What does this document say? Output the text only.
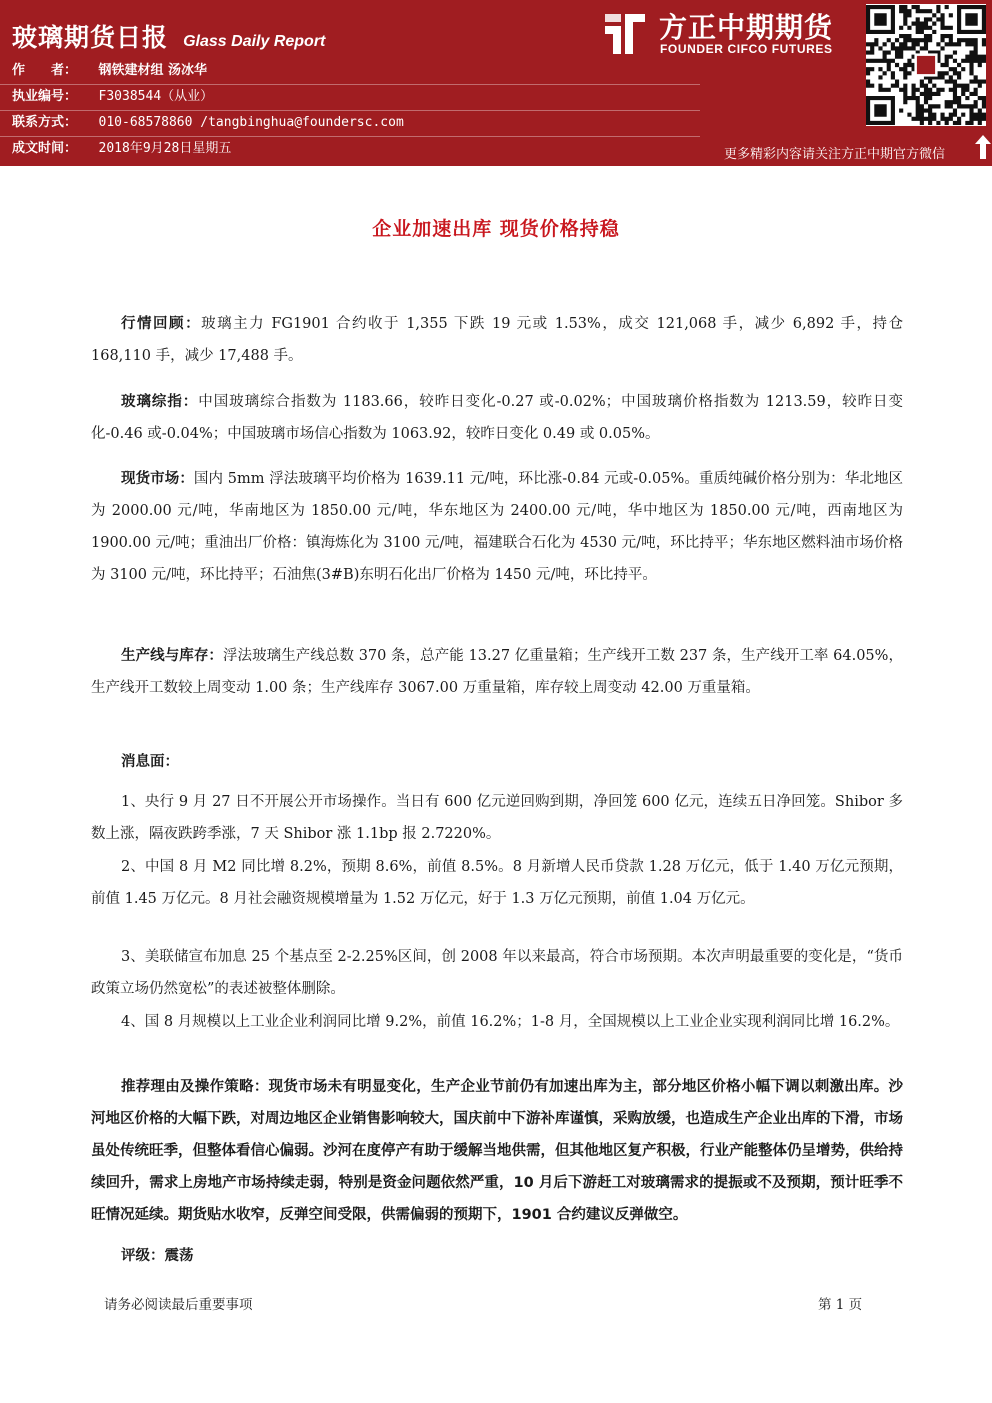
玻璃期货日报 Glass Daily Report
作　　者： 钢铁建材组 汤冰华
执业编号： F3038544（从业）
联系方式： 010-68578860 /tangbinghua@foundersc.com
成文时间： 2018年9月28日星期五
方正中期期货
FOUNDER CIFCO FUTURES
更多精彩内容请关注方正中期官方微信
企业加速出库 现货价格持稳
行情回顾：玻璃主力 FG1901 合约收于 1,355 下跌 19 元或 1.53%，成交 121,068 手，减少 6,892 手，持仓 168,110 手，减少 17,488 手。
玻璃综指：中国玻璃综合指数为 1183.66，较昨日变化-0.27 或-0.02%；中国玻璃价格指数为 1213.59，较昨日变化-0.46 或-0.04%；中国玻璃市场信心指数为 1063.92，较昨日变化 0.49 或 0.05%。
现货市场：国内 5mm 浮法玻璃平均价格为 1639.11 元/吨，环比涨-0.84 元或-0.05%。重质纯碱价格分别为：华北地区为 2000.00 元/吨，华南地区为 1850.00 元/吨，华东地区为 2400.00 元/吨，华中地区为 1850.00 元/吨，西南地区为 1900.00 元/吨；重油出厂价格：镇海炼化为 3100 元/吨，福建联合石化为 4530 元/吨，环比持平；华东地区燃料油市场价格为 3100 元/吨，环比持平；石油焦(3#B)东明石化出厂价格为 1450 元/吨，环比持平。
生产线与库存：浮法玻璃生产线总数 370 条，总产能 13.27 亿重量箱；生产线开工数 237 条，生产线开工率 64.05%，生产线开工数较上周变动 1.00 条；生产线库存 3067.00 万重量箱，库存较上周变动 42.00 万重量箱。
消息面：
1、央行 9 月 27 日不开展公开市场操作。当日有 600 亿元逆回购到期，净回笼 600 亿元，连续五日净回笼。Shibor 多数上涨，隔夜跌跨季涨，7 天 Shibor 涨 1.1bp 报 2.7220%。
2、中国 8 月 M2 同比增 8.2%，预期 8.6%，前值 8.5%。8 月新增人民币贷款 1.28 万亿元，低于 1.40 万亿元预期，前值 1.45 万亿元。8 月社会融资规模增量为 1.52 万亿元，好于 1.3 万亿元预期，前值 1.04 万亿元。
3、美联储宣布加息 25 个基点至 2-2.25%区间，创 2008 年以来最高，符合市场预期。本次声明最重要的变化是，“货币政策立场仍然宽松”的表述被整体删除。
4、国 8 月规模以上工业企业利润同比增 9.2%，前值 16.2%；1-8 月，全国规模以上工业企业实现利润同比增 16.2%。
推荐理由及操作策略：现货市场未有明显变化，生产企业节前仍有加速出库为主，部分地区价格小幅下调以刺激出库。沙河地区价格的大幅下跌，对周边地区企业销售影响较大，国庆前中下游补库谨慎，采购放缓，也造成生产企业出库的下滑，市场虽处传统旺季，但整体看信心偏弱。沙河在度停产有助于缓解当地供需，但其他地区复产积极，行业产能整体仍呈增势，供给持续回升，需求上房地产市场持续走弱，特别是资金问题依然严重，10 月后下游赶工对玻璃需求的提振或不及预期，预计旺季不旺情况延续。期货贴水收窄，反弹空间受限，供需偏弱的预期下，1901 合约建议反弹做空。
评级：震荡
请务必阅读最后重要事项	第 1 页
